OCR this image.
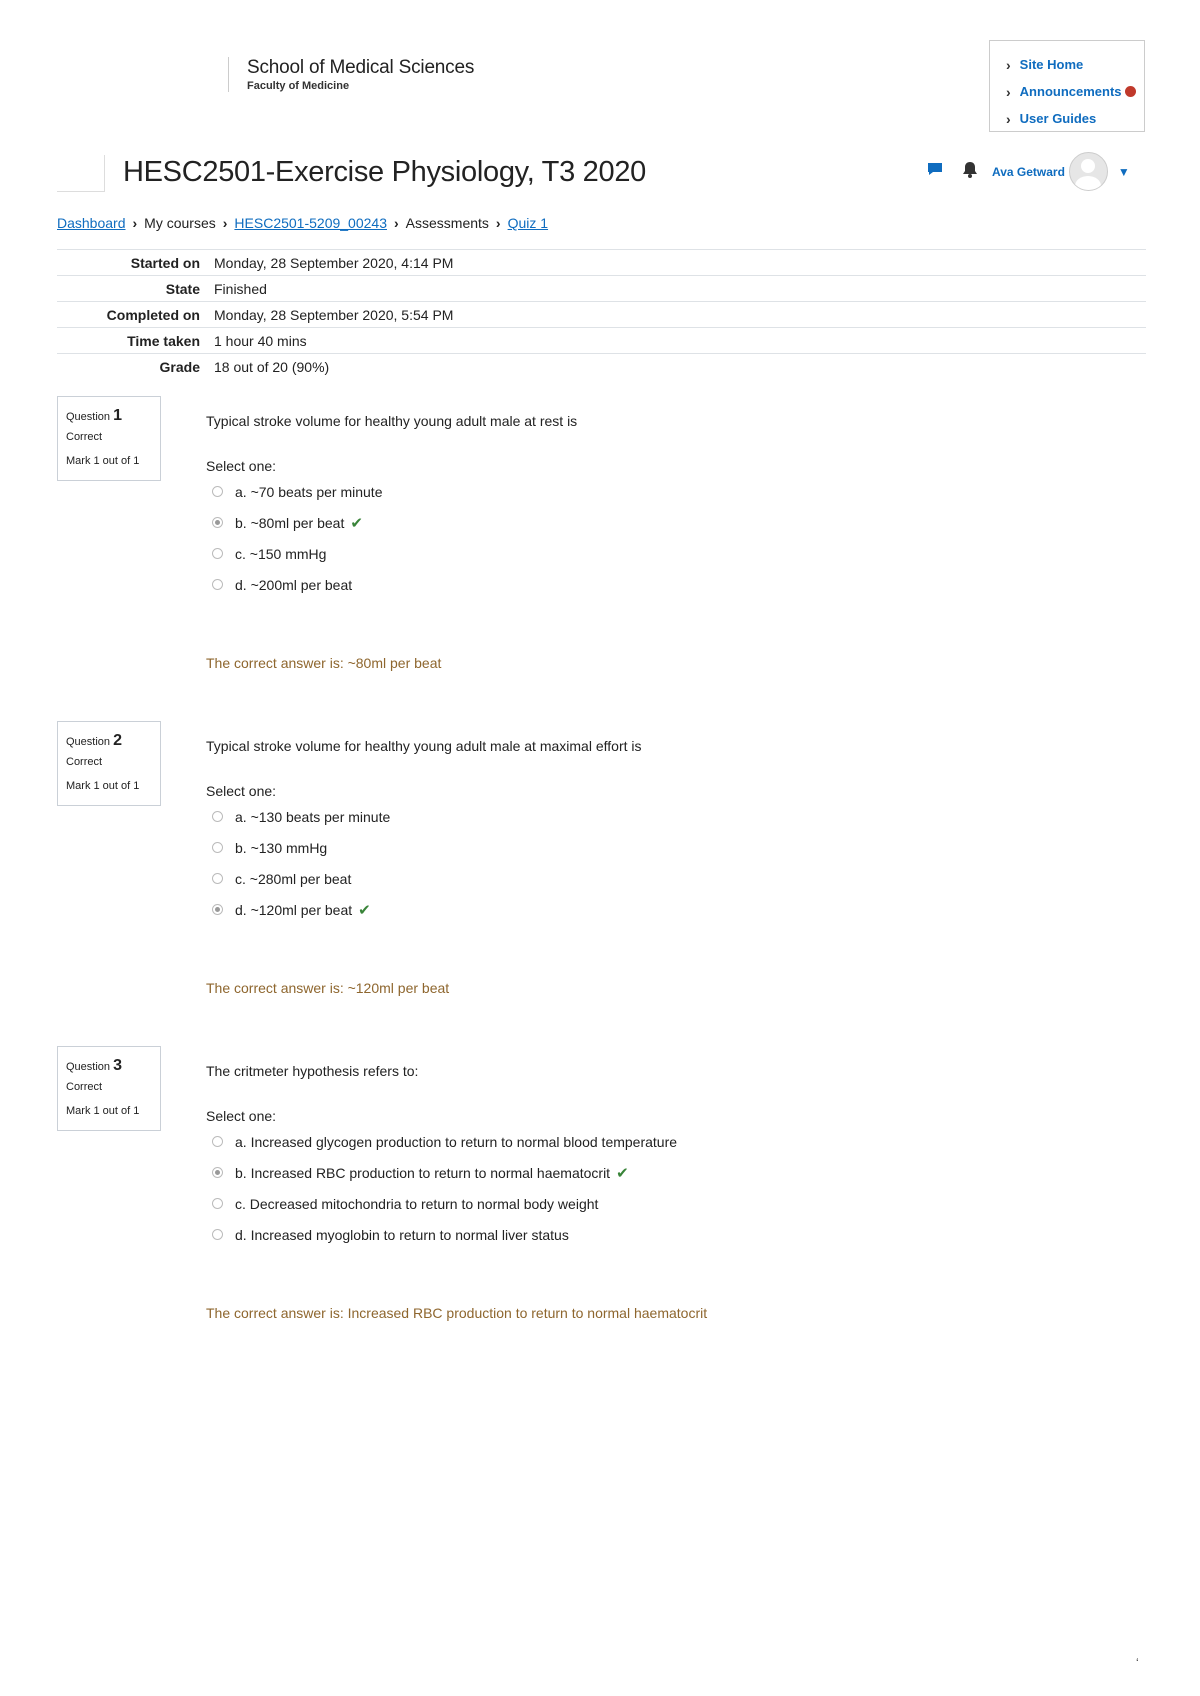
School of Medical Sciences
Faculty of Medicine
› Site Home
› Announcements
› User Guides
HESC2501-Exercise Physiology, T3 2020	Ava Getward	▼
Dashboard › My courses › HESC2501-5209_00243 › Assessments › Quiz 1
Started on	Monday, 28 September 2020, 4:14 PM
State	Finished
Completed on	Monday, 28 September 2020, 5:54 PM
Time taken	1 hour 40 mins
Grade	18 out of 20 (90%)
Question 1
Correct
Mark 1 out of 1
Typical stroke volume for healthy young adult male at rest is
Select one:
a. ~70 beats per minute
b. ~80ml per beat ✔
c. ~150 mmHg
d. ~200ml per beat
The correct answer is: ~80ml per beat
Question 2
Correct
Mark 1 out of 1
Typical stroke volume for healthy young adult male at maximal effort is
Select one:
a. ~130 beats per minute
b. ~130 mmHg
c. ~280ml per beat
d. ~120ml per beat ✔
The correct answer is: ~120ml per beat
Question 3
Correct
Mark 1 out of 1
The critmeter hypothesis refers to:
Select one:
a. Increased glycogen production to return to normal blood temperature
b. Increased RBC production to return to normal haematocrit ✔
c. Decreased mitochondria to return to normal body weight
d. Increased myoglobin to return to normal liver status
The correct answer is: Increased RBC production to return to normal haematocrit
ʻ
